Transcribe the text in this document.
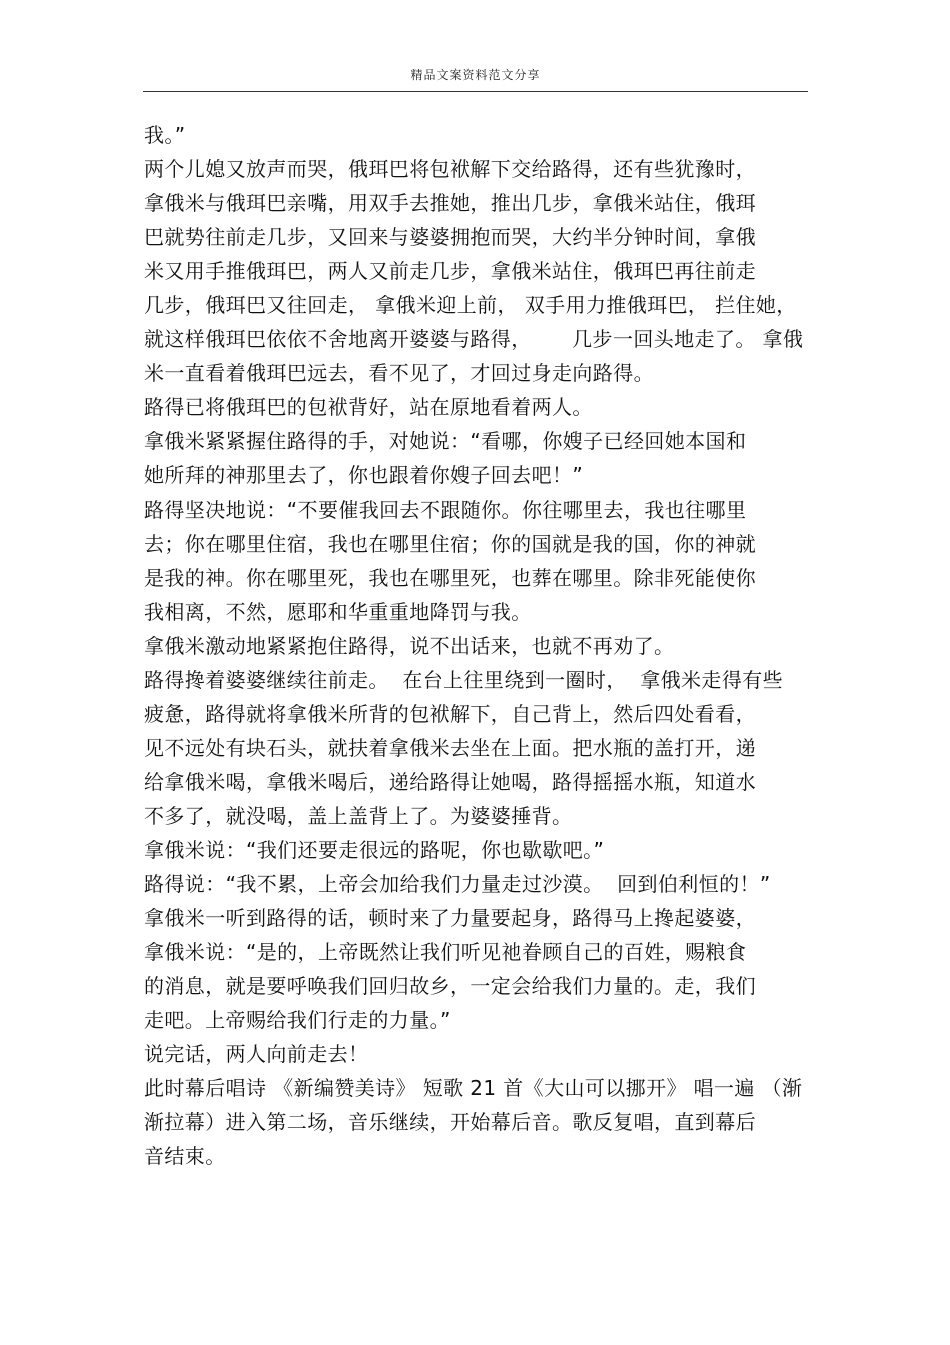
精品文案资料范文分享
我。”
两个儿媳又放声而哭，俄珥巴将包袱解下交给路得，还有些犹豫时，
拿俄米与俄珥巴亲嘴，用双手去推她，推出几步，拿俄米站住，俄珥
巴就势往前走几步，又回来与婆婆拥抱而哭，大约半分钟时间，拿俄
米又用手推俄珥巴，两人又前走几步，拿俄米站住，俄珥巴再往前走
几步，俄珥巴又往回走， 拿俄米迎上前， 双手用力推俄珥巴， 拦住她，
就这样俄珥巴依依不舍地离开婆婆与路得，      几步一回头地走了。 拿俄
米一直看着俄珥巴远去，看不见了，才回过身走向路得。
路得已将俄珥巴的包袱背好，站在原地看着两人。
拿俄米紧紧握住路得的手，对她说：“看哪，你嫂子已经回她本国和
她所拜的神那里去了，你也跟着你嫂子回去吧！”
路得坚决地说：“不要催我回去不跟随你。你往哪里去，我也往哪里
去；你在哪里住宿，我也在哪里住宿；你的国就是我的国，你的神就
是我的神。你在哪里死，我也在哪里死，也葬在哪里。除非死能使你
我相离，不然，愿耶和华重重地降罚与我。
拿俄米激动地紧紧抱住路得，说不出话来，也就不再劝了。
路得搀着婆婆继续往前走。  在台上往里绕到一圈时，  拿俄米走得有些
疲惫，路得就将拿俄米所背的包袱解下，自己背上，然后四处看看，
见不远处有块石头，就扶着拿俄米去坐在上面。把水瓶的盖打开，递
给拿俄米喝，拿俄米喝后，递给路得让她喝，路得摇摇水瓶，知道水
不多了，就没喝，盖上盖背上了。为婆婆捶背。
拿俄米说：“我们还要走很远的路呢，你也歇歇吧。”
路得说：“我不累，上帝会加给我们力量走过沙漠。  回到伯利恒的！”
拿俄米一听到路得的话，顿时来了力量要起身，路得马上搀起婆婆，
拿俄米说：“是的，上帝既然让我们听见祂眷顾自己的百姓，赐粮食
的消息，就是要呼唤我们回归故乡，一定会给我们力量的。走，我们
走吧。上帝赐给我们行走的力量。”
说完话，两人向前走去！
此时幕后唱诗 《新编赞美诗》 短歌 21 首《大山可以挪开》 唱一遍 （渐
渐拉幕）进入第二场，音乐继续，开始幕后音。歌反复唱，直到幕后
音结束。
